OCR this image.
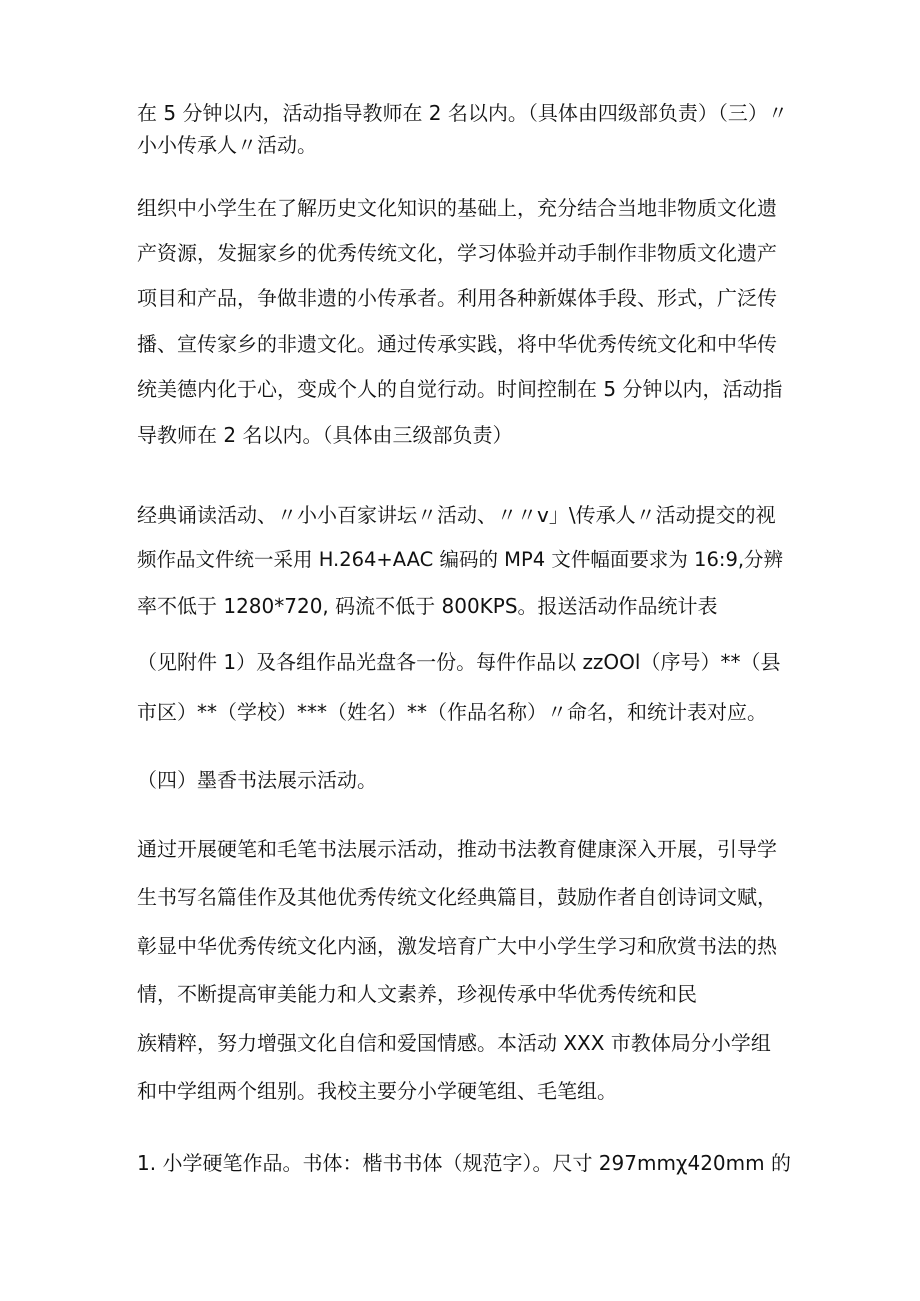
在 5 分钟以内，活动指导教师在 2 名以内。（具体由四级部负责）（三）〃
小小传承人〃活动。
组织中小学生在了解历史文化知识的基础上，充分结合当地非物质文化遗
产资源，发掘家乡的优秀传统文化，学习体验并动手制作非物质文化遗产
项目和产品，争做非遗的小传承者。利用各种新媒体手段、形式，广泛传
播、宣传家乡的非遗文化。通过传承实践，将中华优秀传统文化和中华传
统美德内化于心，变成个人的自觉行动。时间控制在 5 分钟以内，活动指
导教师在 2 名以内。（具体由三级部负责）
经典诵读活动、〃小小百家讲坛〃活动、〃〃v」\传承人〃活动提交的视
频作品文件统一采用 H.264+AAC 编码的 MP4 文件幅面要求为 16:9,分辨
率不低于 1280*720, 码流不低于 800KPS。报送活动作品统计表
（见附件 1）及各组作品光盘各一份。每件作品以 zzOOl（序号）**（县
市区）**（学校）***（姓名）**（作品名称）〃命名，和统计表对应。
（四）墨香书法展示活动。
通过开展硬笔和毛笔书法展示活动，推动书法教育健康深入开展，引导学
生书写名篇佳作及其他优秀传统文化经典篇目，鼓励作者自创诗词文赋，
彰显中华优秀传统文化内涵，激发培育广大中小学生学习和欣赏书法的热
情，不断提高审美能力和人文素养，珍视传承中华优秀传统和民
族精粹，努力增强文化自信和爱国情感。本活动 XXX 市教体局分小学组
和中学组两个组别。我校主要分小学硬笔组、毛笔组。
1. 小学硬笔作品。书体：楷书书体（规范字）。尺寸 297mmχ420mm 的
